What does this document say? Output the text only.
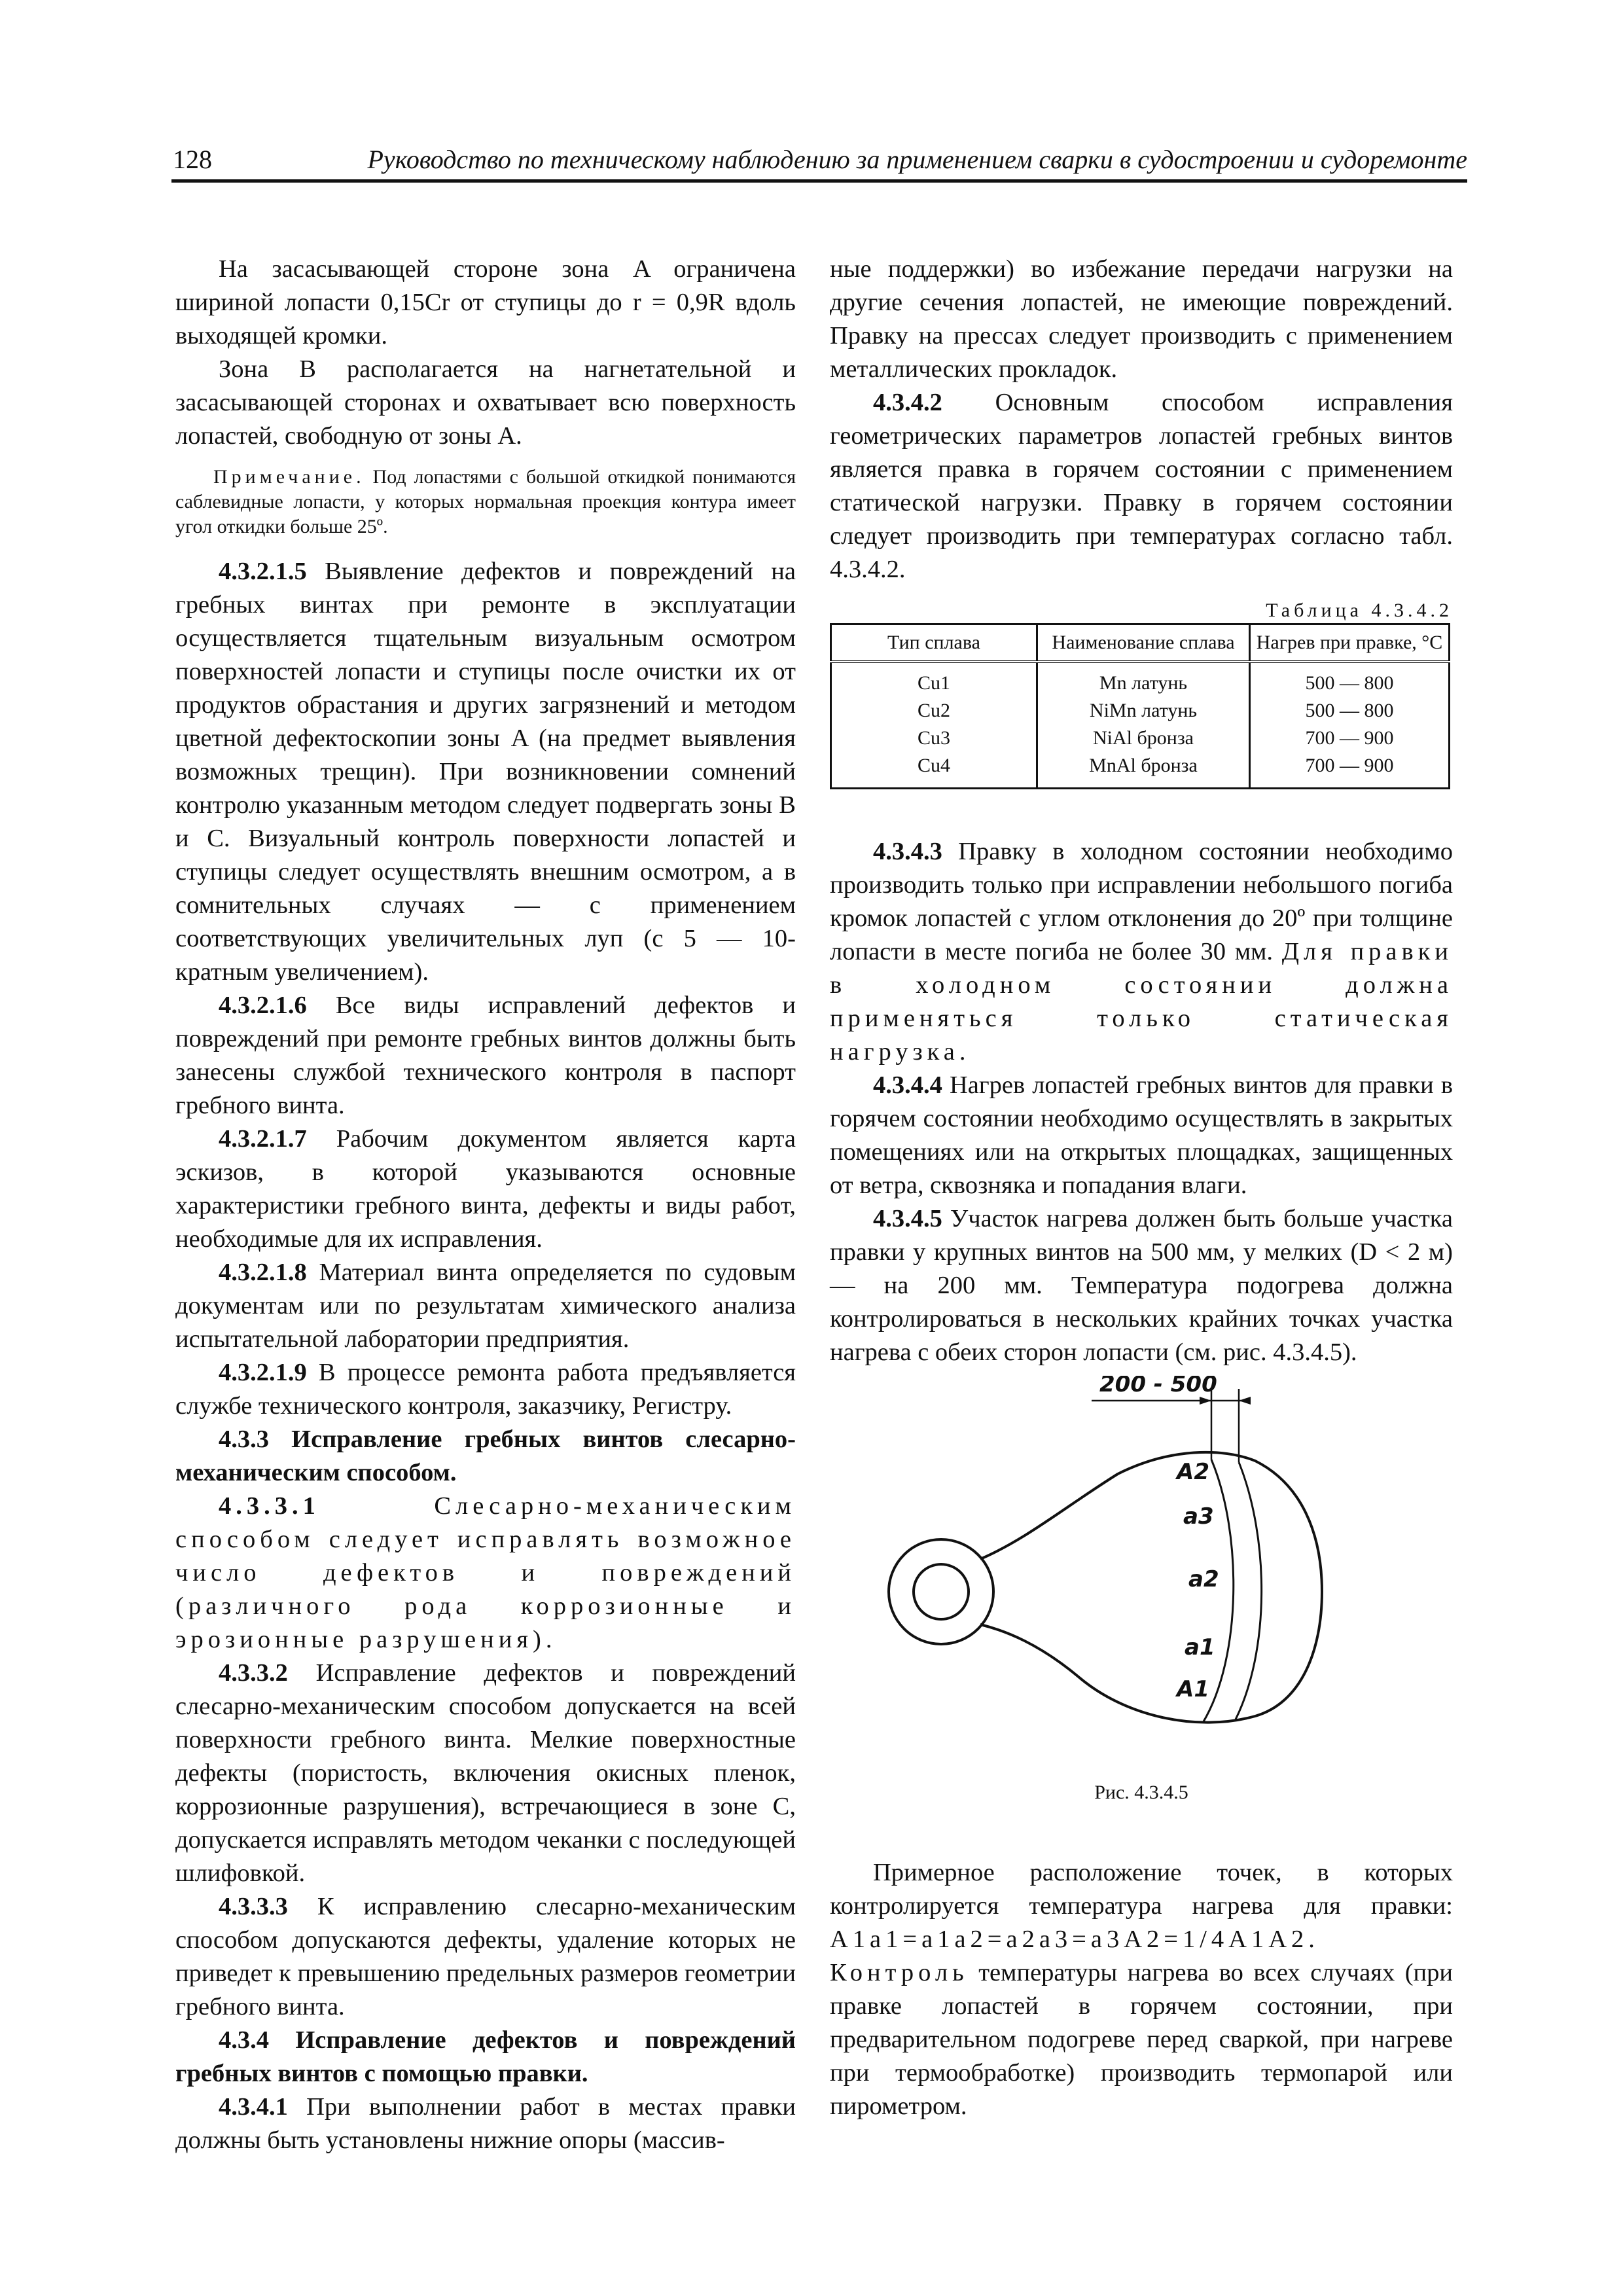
128	Руководство по техническому наблюдению за применением сварки в судостроении и судоремонте

На засасывающей стороне зона A ограничена шириной лопасти 0,15Cr от ступицы до r = 0,9R вдоль выходящей кромки.

Зона B располагается на нагнетательной и засасывающей сторонах и охватывает всю поверхность лопастей, свободную от зоны A.

Примечание. Под лопастями с большой откидкой понимаются саблевидные лопасти, у которых нормальная проекция контура имеет угол откидки больше 25º.

4.3.2.1.5 Выявление дефектов и повреждений на гребных винтах при ремонте в эксплуатации осуществляется тщательным визуальным осмотром поверхностей лопасти и ступицы после очистки их от продуктов обрастания и других загрязнений и методом цветной дефектоскопии зоны A (на предмет выявления возможных трещин). При возникновении сомнений контролю указанным методом следует подвергать зоны B и C. Визуальный контроль поверхности лопастей и ступицы следует осуществлять внешним осмотром, а в сомнительных случаях — с применением соответствующих увеличительных луп (с 5 — 10-кратным увеличением).

4.3.2.1.6 Все виды исправлений дефектов и повреждений при ремонте гребных винтов должны быть занесены службой технического контроля в паспорт гребного винта.

4.3.2.1.7 Рабочим документом является карта эскизов, в которой указываются основные характеристики гребного винта, дефекты и виды работ, необходимые для их исправления.

4.3.2.1.8 Материал винта определяется по судовым документам или по результатам химического анализа испытательной лаборатории предприятия.

4.3.2.1.9 В процессе ремонта работа предъявляется службе технического контроля, заказчику, Регистру.

4.3.3 Исправление гребных винтов слесарно-механическим способом.

4.3.3.1	Слесарно-механическим способом следует исправлять возможное число дефектов и повреждений (различного рода коррозионные и эрозионные разрушения).

4.3.3.2 Исправление дефектов и повреждений слесарно-механическим способом допускается на всей поверхности гребного винта. Мелкие поверхностные дефекты (пористость, включения окисных пленок, коррозионные разрушения), встречающиеся в зоне C, допускается исправлять методом чеканки с последующей шлифовкой.

4.3.3.3 К исправлению слесарно-механическим способом допускаются дефекты, удаление которых не приведет к превышению предельных размеров геометрии гребного винта.

4.3.4 Исправление дефектов и повреждений гребных винтов с помощью правки.

4.3.4.1 При выполнении работ в местах правки должны быть установлены нижние опоры (массив-

ные поддержки) во избежание передачи нагрузки на другие сечения лопастей, не имеющие повреждений. Правку на прессах следует производить с применением металлических прокладок.

4.3.4.2 Основным способом исправления геометрических параметров лопастей гребных винтов является правка в горячем состоянии с применением статической нагрузки. Правку в горячем состоянии следует производить при температурах согласно табл. 4.3.4.2.

Таблица 4.3.4.2
Тип сплава	Наименование сплава	Нагрев при правке, °C
Cu1	Mn латунь	500 — 800
Cu2	NiMn латунь	500 — 800
Cu3	NiAl бронза	700 — 900
Cu4	MnAl бронза	700 — 900

4.3.4.3 Правку в холодном состоянии необходимо производить только при исправлении небольшого погиба кромок лопастей с углом отклонения до 20º при толщине лопасти в месте погиба не более 30 мм. Для правки в холодном состоянии должна применяться только статическая нагрузка.

4.3.4.4 Нагрев лопастей гребных винтов для правки в горячем состоянии необходимо осуществлять в закрытых помещениях или на открытых площадках, защищенных от ветра, сквозняка и попадания влаги.

4.3.4.5 Участок нагрева должен быть больше участка правки у крупных винтов на 500 мм, у мелких (D < 2 м) — на 200 мм. Температура подогрева должна контролироваться в нескольких крайних точках участка нагрева с обеих сторон лопасти (см. рис. 4.3.4.5).

200 - 500
A2
a3
a2
a1
A1
Рис. 4.3.4.5

Примерное расположение точек, в которых контролируется температура нагрева для правки: A1a1=a1a2=a2a3=a3A2=1/4A1A2. Контроль температуры нагрева во всех случаях (при правке лопастей в горячем состоянии, при предварительном подогреве перед сваркой, при нагреве при термообработке) производить термопарой или пирометром.
